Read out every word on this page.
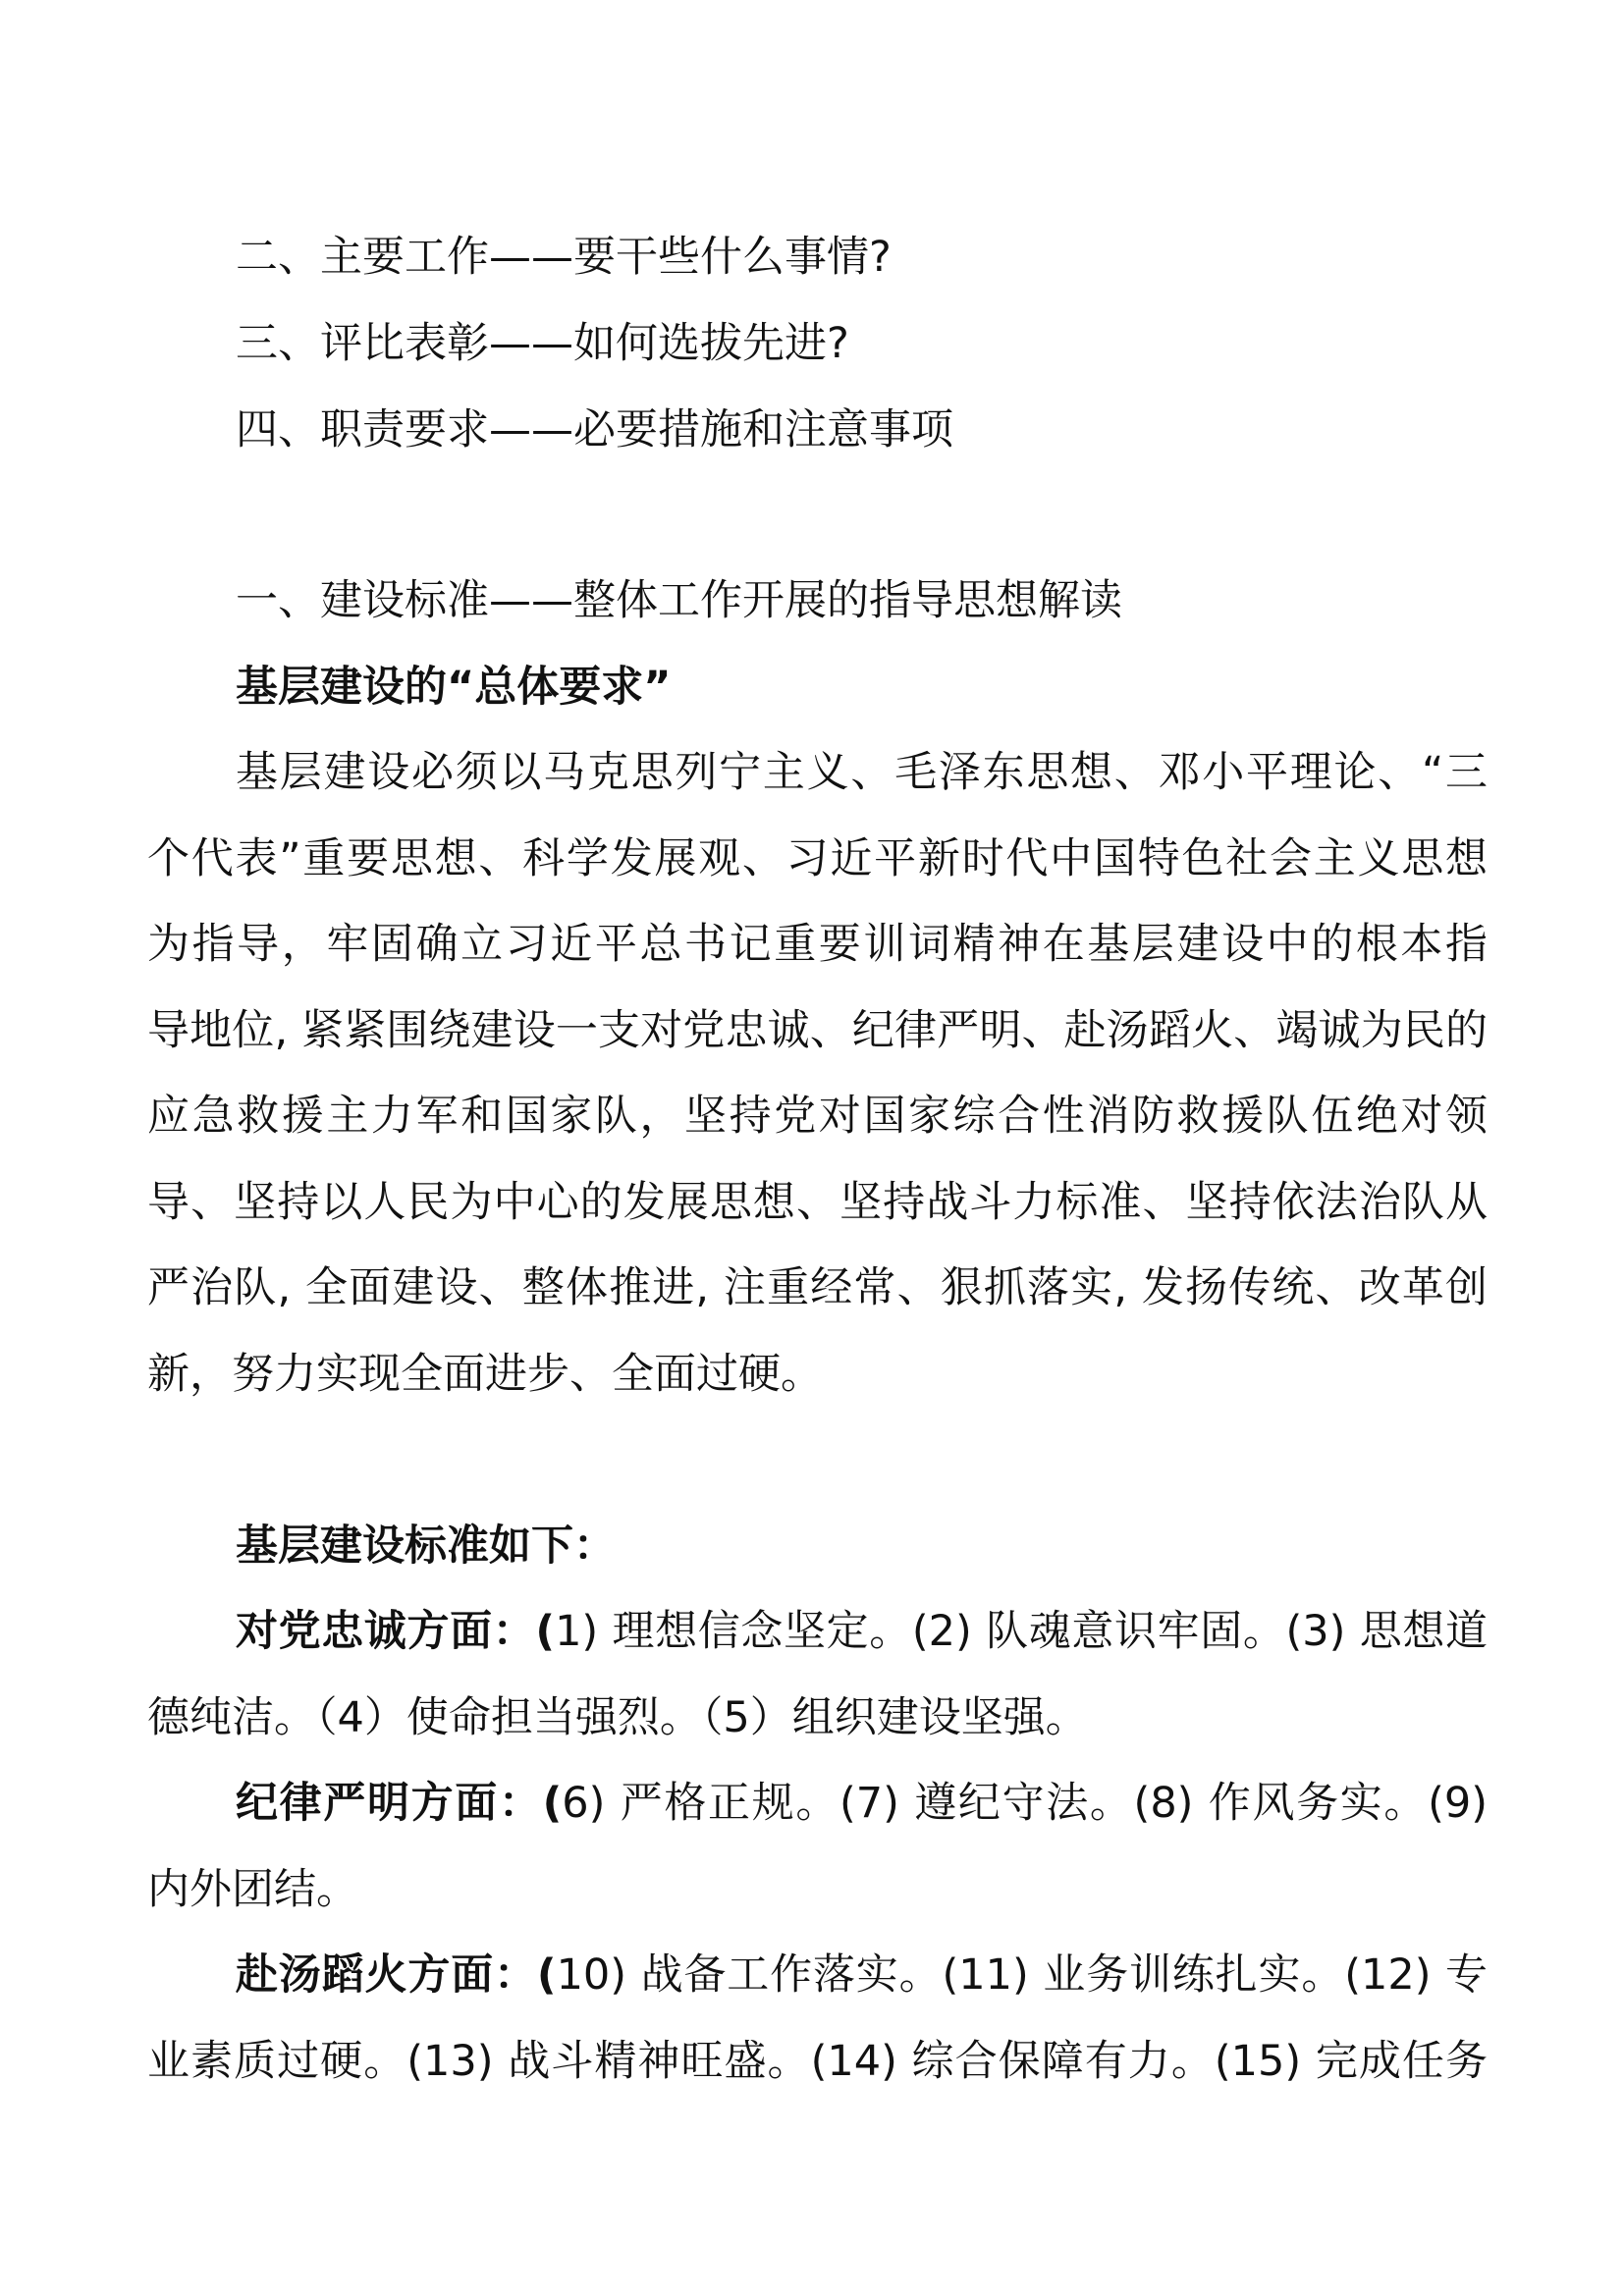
二、主要工作——要干些什么事情?
三、评比表彰——如何选拔先进?
四、职责要求——必要措施和注意事项
一、建设标准——整体工作开展的指导思想解读
基层建设的“总体要求”
基层建设必须以马克思列宁主义、毛泽东思想、邓小平理论、“三
个代表”重要思想、科学发展观、习近平新时代中国特色社会主义思想
为指导，牢固确立习近平总书记重要训词精神在基层建设中的根本指
导地位, 紧紧围绕建设一支对党忠诚、纪律严明、赴汤蹈火、竭诚为民的
应急救援主力军和国家队，坚持党对国家综合性消防救援队伍绝对领
导、坚持以人民为中心的发展思想、坚持战斗力标准、坚持依法治队从
严治队, 全面建设、整体推进, 注重经常、狠抓落实, 发扬传统、改革创
新，努力实现全面进步、全面过硬。
基层建设标准如下：
对党忠诚方面：(1) 理想信念坚定。(2) 队魂意识牢固。(3) 思想道
德纯洁。（4）使命担当强烈。（5）组织建设坚强。
纪律严明方面：(6) 严格正规。(7) 遵纪守法。(8) 作风务实。(9)
内外团结。
赴汤蹈火方面：(10) 战备工作落实。(11) 业务训练扎实。(12) 专
业素质过硬。(13) 战斗精神旺盛。(14) 综合保障有力。(15) 完成任务
